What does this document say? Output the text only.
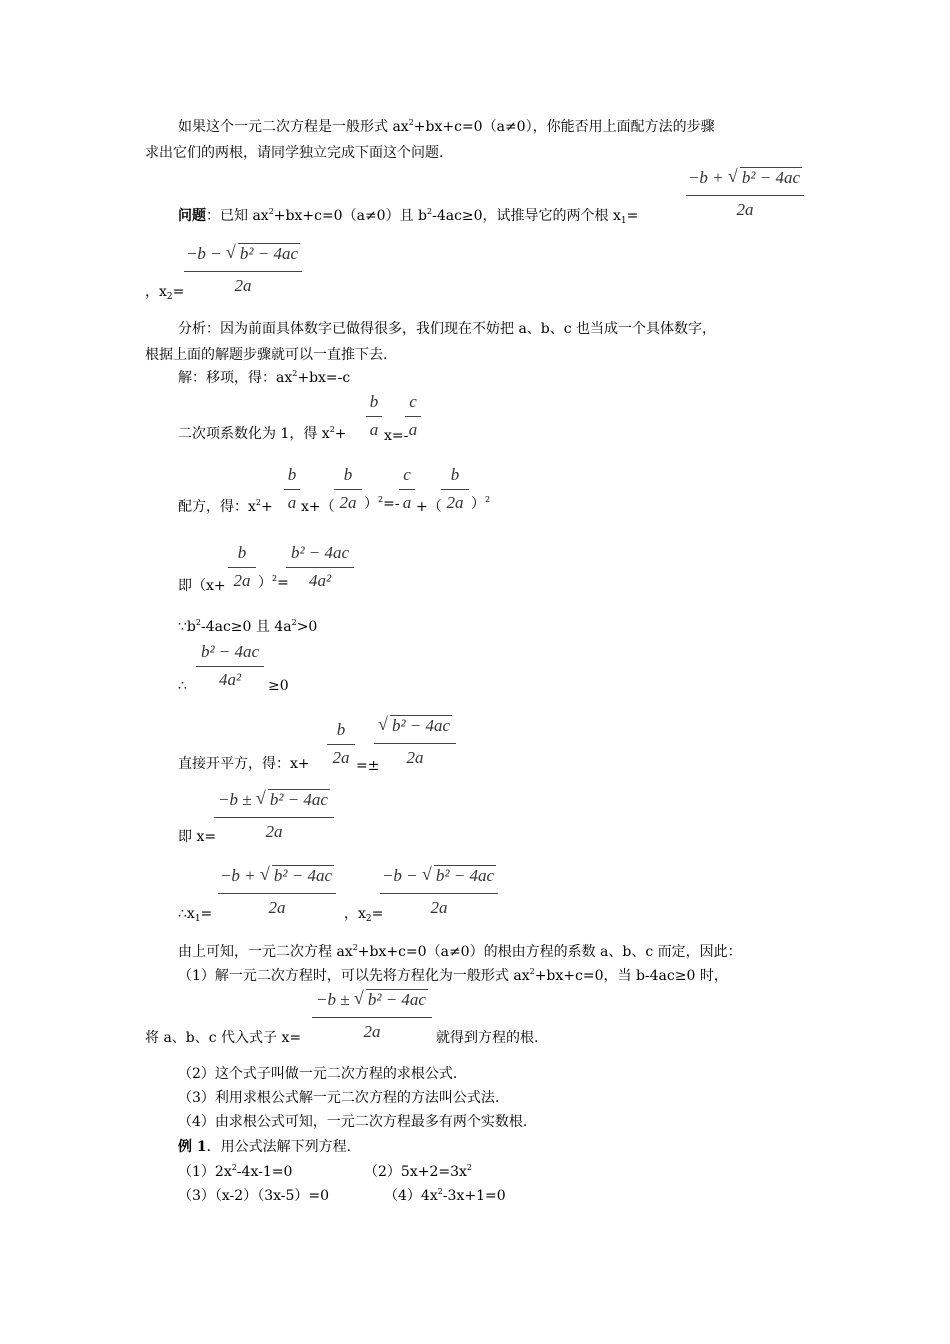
如果这个一元二次方程是一般形式 $ax^2+bx+c=0(a\ne 0)$，你能否用上面配方法的步骤
求出它们的两根，请同学独立完成下面这个问题.
−b + √ b² − 4ac
2a
问题：已知 $ax^2+bx+c=0(a\ne 0)$且 $b^2-4ac\ge 0$，试推导它的两个根 $x_1=$
−b − √ b² − 4ac
2a
，$x_2=$
分析：因为前面具体数字已做得很多，我们现在不妨把 a、b、c 也当成一个具体数字，
根据上面的解题步骤就可以一直推下去.
解：移项，得：$ax^2+bx=-c$
二次项系数化为 1，得 $x^2+$
b
a x=-
c
a
配方，得：$x^2+$
b
a x+（
b
2a ）$^2$=-
c
a +（
b
2a ）$^2$
即（x+
b
2a ）$^2$=
b² − 4ac
4a²
$\because b^2-4ac\ge 0$ 且 $4a^2>0$
∴
b² − 4ac
4a²	≥0
直接开平方，得：x+
b
2a =±
√ b² − 4ac
2a
即 x=
−b ± √ b² − 4ac
2a
$\therefore x_1=$
−b + √ b² − 4ac
2a	，$x_2=$
−b − √ b² − 4ac
2a
由上可知，一元二次方程 $ax^2+bx+c=0(a\ne 0)$的根由方程的系数 a、b、c 而定，因此：
（1）解一元二次方程时，可以先将方程化为一般形式 $ax^2+bx+c=0$，当 b-4ac≥0 时，
将 a、b、c 代入式子 x=
−b ± √ b² − 4ac
2a	就得到方程的根.
（2）这个式子叫做一元二次方程的求根公式.
（3）利用求根公式解一元二次方程的方法叫公式法.
（4）由求根公式可知，一元二次方程最多有两个实数根.
例 1．用公式法解下列方程.
$(1)2x^2-4x-1=0$	$(2)5x+2=3x^2$
（3）（x-2）（3x-5）=0	$(4)4x^2-3x+1=0$
